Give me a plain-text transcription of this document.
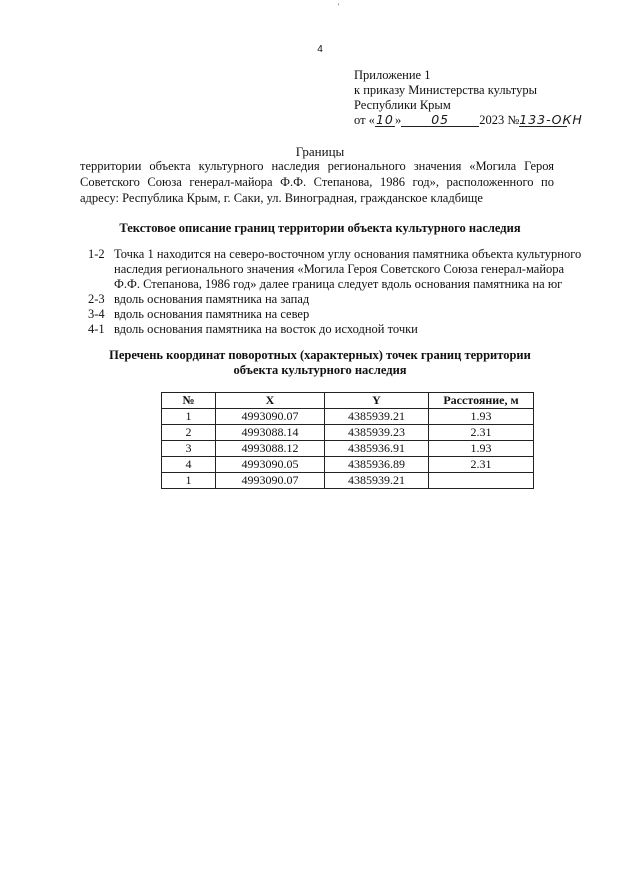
'
4
Приложение 1
к приказу Министерства культуры
Республики Крым
от «10» 05 2023 №133-ОКН
Границы
территории объекта культурного наследия регионального значения «Могила Героя Советского Союза генерал-майора Ф.Ф. Степанова, 1986 год», расположенного по адресу: Республика Крым, г. Саки, ул. Виноградная, гражданское кладбище
Текстовое описание границ территории объекта культурного наследия
1-2 Точка 1 находится на северо-восточном углу основания памятника объекта культурного наследия регионального значения «Могила Героя Советского Союза генерал-майора Ф.Ф. Степанова, 1986 год» далее граница следует вдоль основания памятника на юг
2-3 вдоль основания памятника на запад
3-4 вдоль основания памятника на север
4-1 вдоль основания памятника на восток до исходной точки
Перечень координат поворотных (характерных) точек границ территории объекта культурного наследия
№	X	Y	Расстояние, м
1	4993090.07	4385939.21	1.93
2	4993088.14	4385939.23	2.31
3	4993088.12	4385936.91	1.93
4	4993090.05	4385936.89	2.31
1	4993090.07	4385939.21	
